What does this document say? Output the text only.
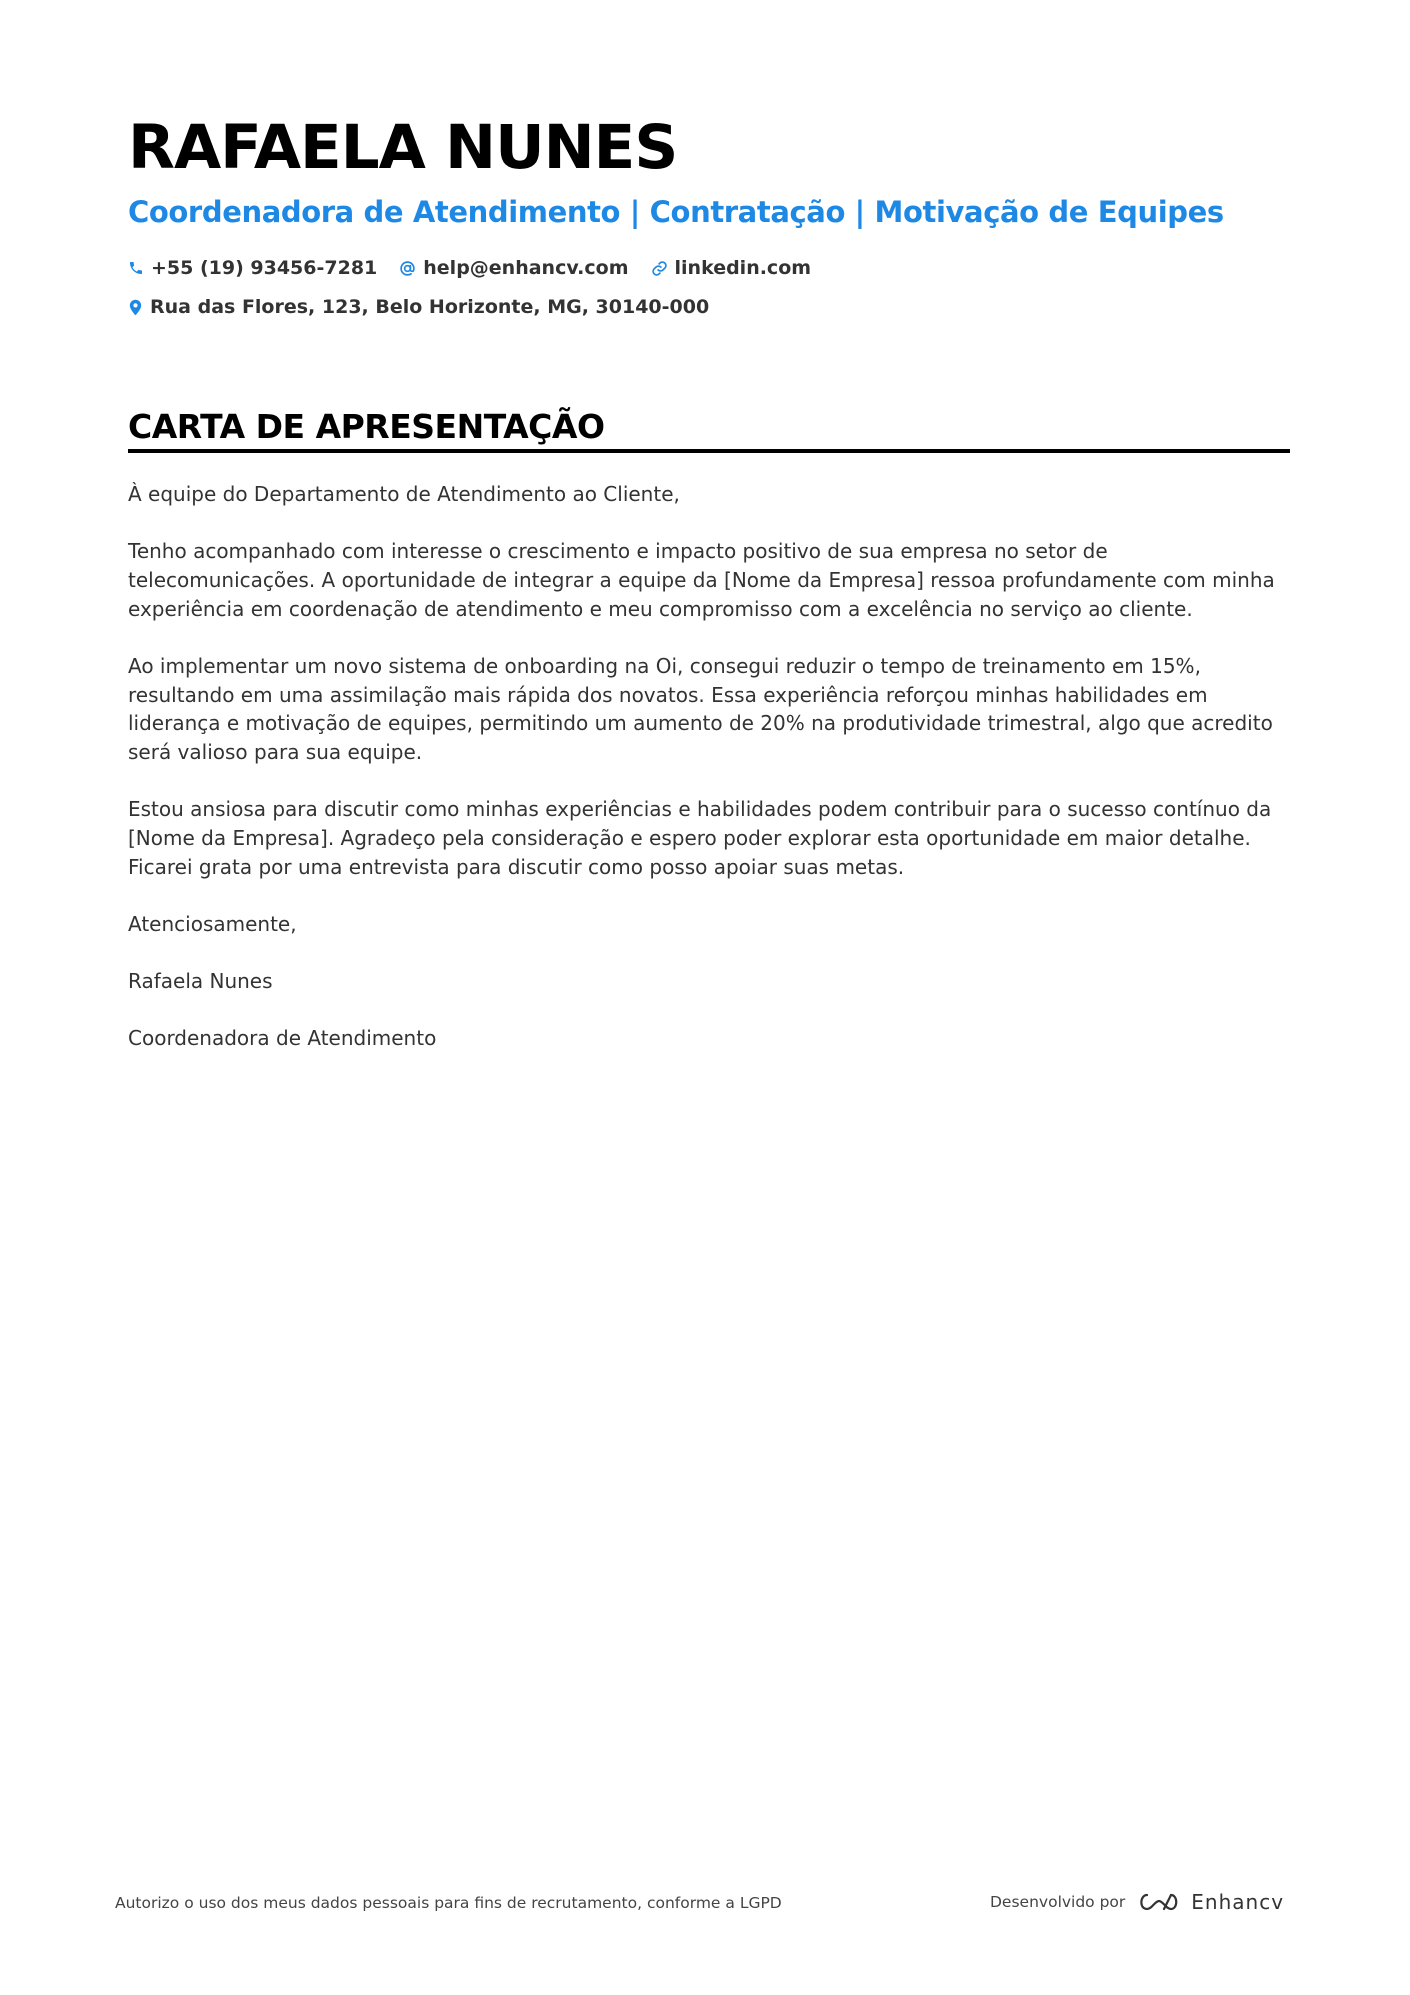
RAFAELA NUNES
Coordenadora de Atendimento | Contratação | Motivação de Equipes
+55 (19) 93456-7281 help@enhancv.com linkedin.com
Rua das Flores, 123, Belo Horizonte, MG, 30140-000
CARTA DE APRESENTAÇÃO

À equipe do Departamento de Atendimento ao Cliente,

Tenho acompanhado com interesse o crescimento e impacto positivo de sua empresa no setor de telecomunicações. A oportunidade de integrar a equipe da [Nome da Empresa] ressoa profundamente com minha experiência em coordenação de atendimento e meu compromisso com a excelência no serviço ao cliente.

Ao implementar um novo sistema de onboarding na Oi, consegui reduzir o tempo de treinamento em 15%, resultando em uma assimilação mais rápida dos novatos. Essa experiência reforçou minhas habilidades em liderança e motivação de equipes, permitindo um aumento de 20% na produtividade trimestral, algo que acredito será valioso para sua equipe.

Estou ansiosa para discutir como minhas experiências e habilidades podem contribuir para o sucesso contínuo da [Nome da Empresa]. Agradeço pela consideração e espero poder explorar esta oportunidade em maior detalhe. Ficarei grata por uma entrevista para discutir como posso apoiar suas metas.

Atenciosamente,

Rafaela Nunes

Coordenadora de Atendimento

Autorizo o uso dos meus dados pessoais para fins de recrutamento, conforme a LGPD	Desenvolvido por	Enhancv
